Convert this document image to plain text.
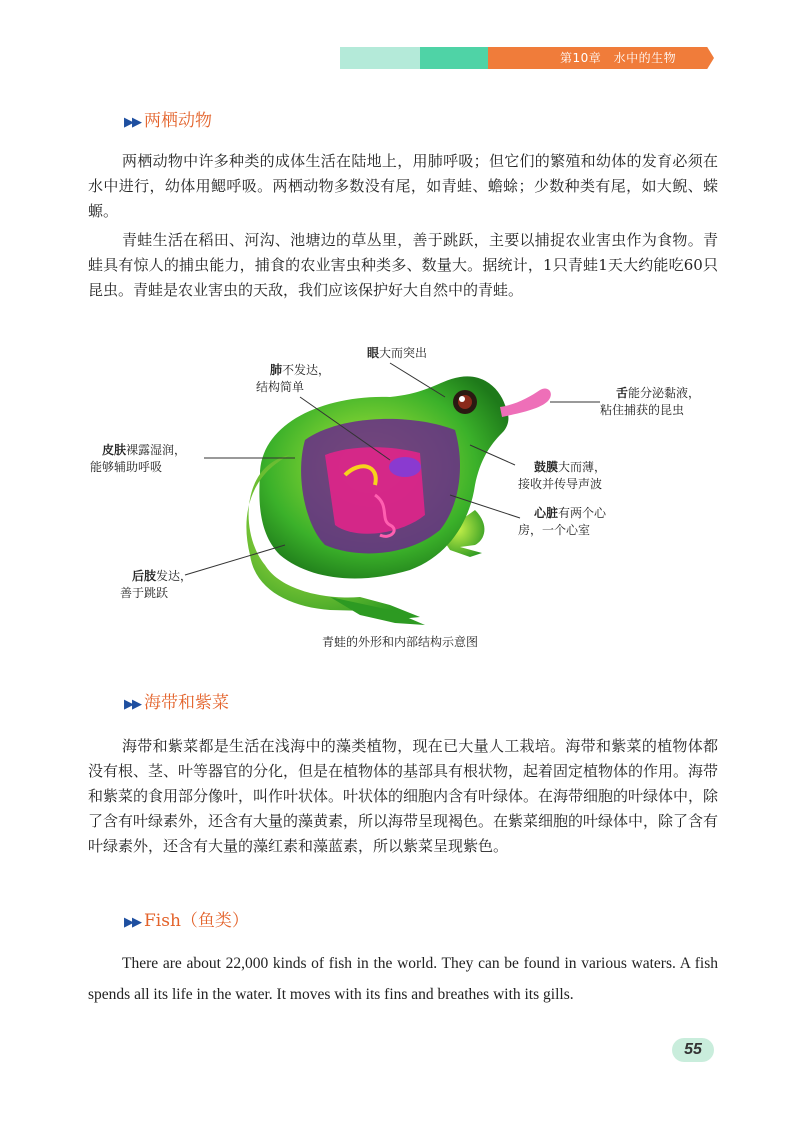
第10章 水中的生物
▶▶ 两栖动物

两栖动物中许多种类的成体生活在陆地上，用肺呼吸；但它们的繁殖和幼体的发育必须在水中进行，幼体用鳃呼吸。两栖动物多数没有尾，如青蛙、蟾蜍；少数种类有尾，如大鲵、蝾螈。

青蛙生活在稻田、河沟、池塘边的草丛里，善于跳跃，主要以捕捉农业害虫作为食物。青蛙具有惊人的捕虫能力，捕食的农业害虫种类多、数量大。据统计，1只青蛙1天大约能吃60只昆虫。青蛙是农业害虫的天敌，我们应该保护好大自然中的青蛙。

眼大而突出
肺不发达，
结构简单	舌能分泌黏液，
粘住捕获的昆虫
皮肤裸露湿润，
能够辅助呼吸	鼓膜大而薄，
接收并传导声波
心脏有两个心
房，一个心室
后肢发达，
善于跳跃
青蛙的外形和内部结构示意图
▶▶ 海带和紫菜

海带和紫菜都是生活在浅海中的藻类植物，现在已大量人工栽培。海带和紫菜的植物体都没有根、茎、叶等器官的分化，但是在植物体的基部具有根状物，起着固定植物体的作用。海带和紫菜的食用部分像叶，叫作叶状体。叶状体的细胞内含有叶绿体。在海带细胞的叶绿体中，除了含有叶绿素外，还含有大量的藻黄素，所以海带呈现褐色。在紫菜细胞的叶绿体中，除了含有叶绿素外，还含有大量的藻红素和藻蓝素，所以紫菜呈现紫色。

▶▶ Fish（鱼类）

There are about 22,000 kinds of fish in the world. They can be found in various waters. A fish spends all its life in the water. It moves with its fins and breathes with its gills.

55
